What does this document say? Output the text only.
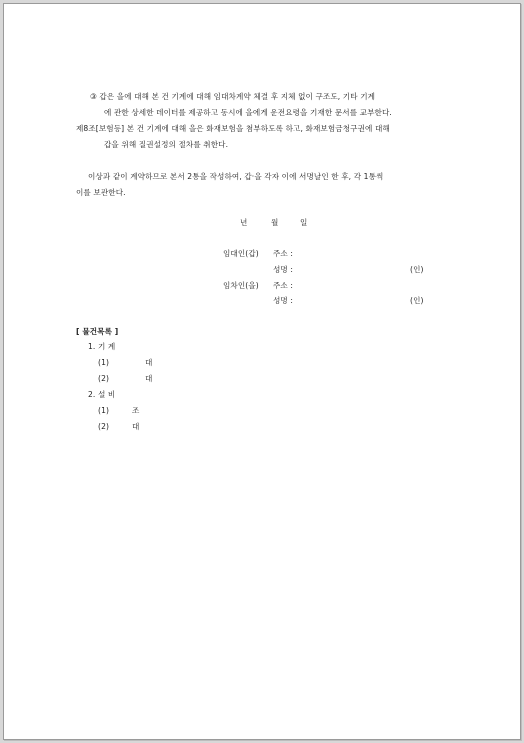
③ 갑은 을에 대해 본 건 기계에 대해 임대차계약 체결 후 지체 없이 구조도, 기타 기계
에 관한 상세한 데이터를 제공하고 동시에 을에게 운전요령을 기재한 문서를 교부한다.
제8조[보험등] 본 건 기계에 대해 을은 화재보험을 첨부하도록 하고, 화재보험금청구권에 대해
갑을 위해 질권설정의 절차를 취한다.
이상과 같이 계약하므로 본서 2통을 작성하여, 갑·을 각자 이에 서명날인 한 후, 각 1통씩
이를 보관한다.
년	월	일
임대인(갑) 주소 :
성명 :	(인)
임차인(을) 주소 :
성명 :	(인)
[ 물건목록 ]
1. 기 계
(1)	대
(2)	대
2. 설 비
(1)	조
(2)	대
